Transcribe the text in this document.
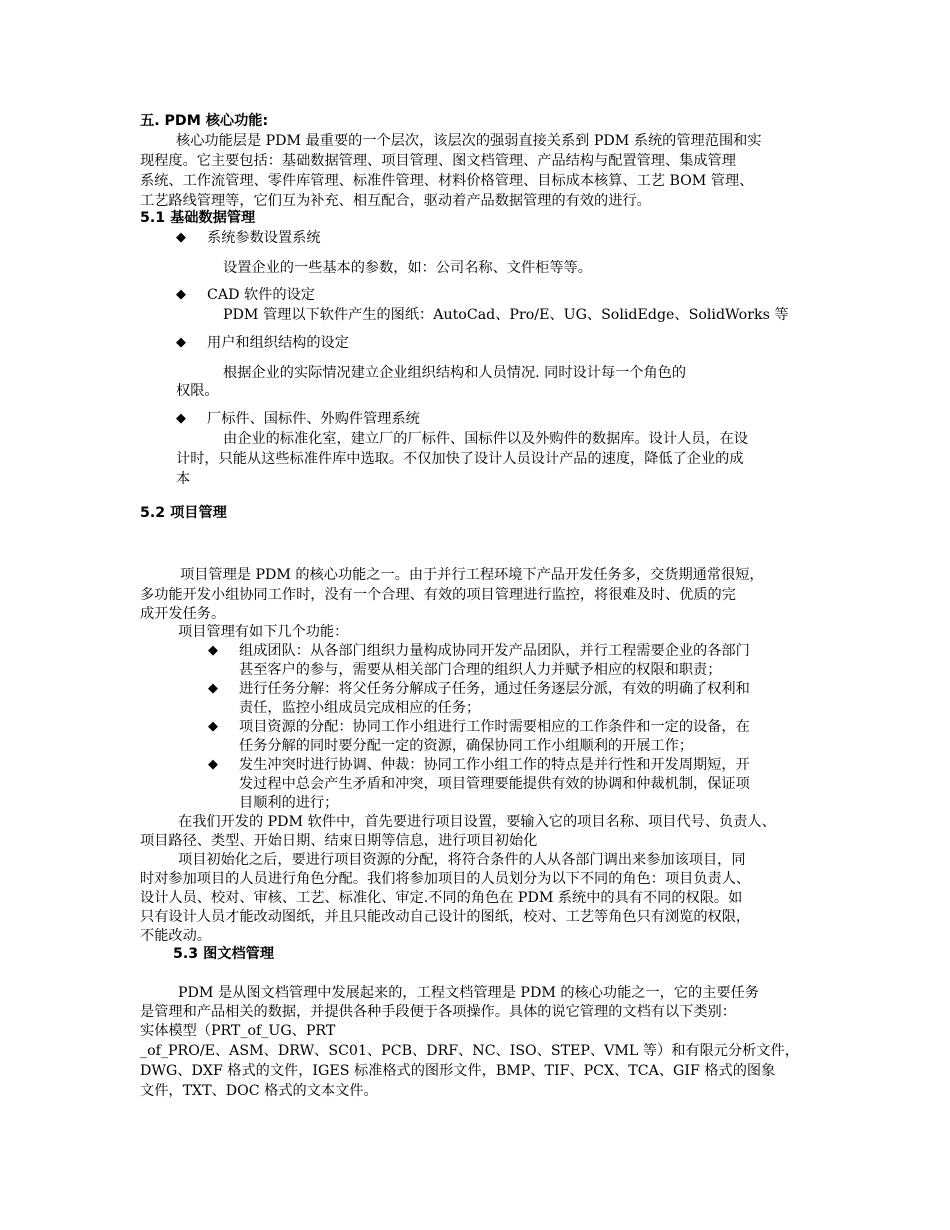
五. PDM 核心功能:
核心功能层是 PDM 最重要的一个层次，该层次的强弱直接关系到 PDM 系统的管理范围和实
现程度。它主要包括：基础数据管理、项目管理、图文档管理、产品结构与配置管理、集成管理
系统、工作流管理、零件库管理、标准件管理、材料价格管理、目标成本核算、工艺 BOM 管理、
工艺路线管理等，它们互为补充、相互配合，驱动着产品数据管理的有效的进行。
5.1 基础数据管理
◆ 系统参数设置系统
设置企业的一些基本的参数，如：公司名称、文件柜等等。
◆ CAD 软件的设定
PDM 管理以下软件产生的图纸：AutoCad、Pro/E、UG、SolidEdge、SolidWorks 等
◆ 用户和组织结构的设定
根据企业的实际情况建立企业组织结构和人员情况. 同时设计每一个角色的
权限。
◆ 厂标件、国标件、外购件管理系统
由企业的标准化室，建立厂的厂标件、国标件以及外购件的数据库。设计人员，在设
计时，只能从这些标准件库中选取。不仅加快了设计人员设计产品的速度，降低了企业的成
本
5.2 项目管理
项目管理是 PDM 的核心功能之一。由于并行工程环境下产品开发任务多，交货期通常很短，
多功能开发小组协同工作时，没有一个合理、有效的项目管理进行监控，将很难及时、优质的完
成开发任务。
项目管理有如下几个功能：
◆ 组成团队：从各部门组织力量构成协同开发产品团队，并行工程需要企业的各部门
甚至客户的参与，需要从相关部门合理的组织人力并赋予相应的权限和职责；
◆ 进行任务分解：将父任务分解成子任务，通过任务逐层分派，有效的明确了权利和
责任，监控小组成员完成相应的任务；
◆ 项目资源的分配：协同工作小组进行工作时需要相应的工作条件和一定的设备，在
任务分解的同时要分配一定的资源，确保协同工作小组顺利的开展工作；
◆ 发生冲突时进行协调、仲裁：协同工作小组工作的特点是并行性和开发周期短，开
发过程中总会产生矛盾和冲突，项目管理要能提供有效的协调和仲裁机制，保证项
目顺利的进行；
在我们开发的 PDM 软件中，首先要进行项目设置，要输入它的项目名称、项目代号、负责人、
项目路径、类型、开始日期、结束日期等信息，进行项目初始化
项目初始化之后，要进行项目资源的分配，将符合条件的人从各部门调出来参加该项目，同
时对参加项目的人员进行角色分配。我们将参加项目的人员划分为以下不同的角色：项目负责人、
设计人员、校对、审核、工艺、标准化、审定.不同的角色在 PDM 系统中的具有不同的权限。如
只有设计人员才能改动图纸，并且只能改动自己设计的图纸，校对、工艺等角色只有浏览的权限，
不能改动。
5.3 图文档管理
PDM 是从图文档管理中发展起来的，工程文档管理是 PDM 的核心功能之一，它的主要任务
是管理和产品相关的数据，并提供各种手段便于各项操作。具体的说它管理的文档有以下类别：
实体模型（PRT_of_UG、PRT
_of_PRO/E、ASM、DRW、SC01、PCB、DRF、NC、ISO、STEP、VML 等）和有限元分析文件，
DWG、DXF 格式的文件，IGES 标准格式的图形文件，BMP、TIF、PCX、TCA、GIF 格式的图象
文件，TXT、DOC 格式的文本文件。
